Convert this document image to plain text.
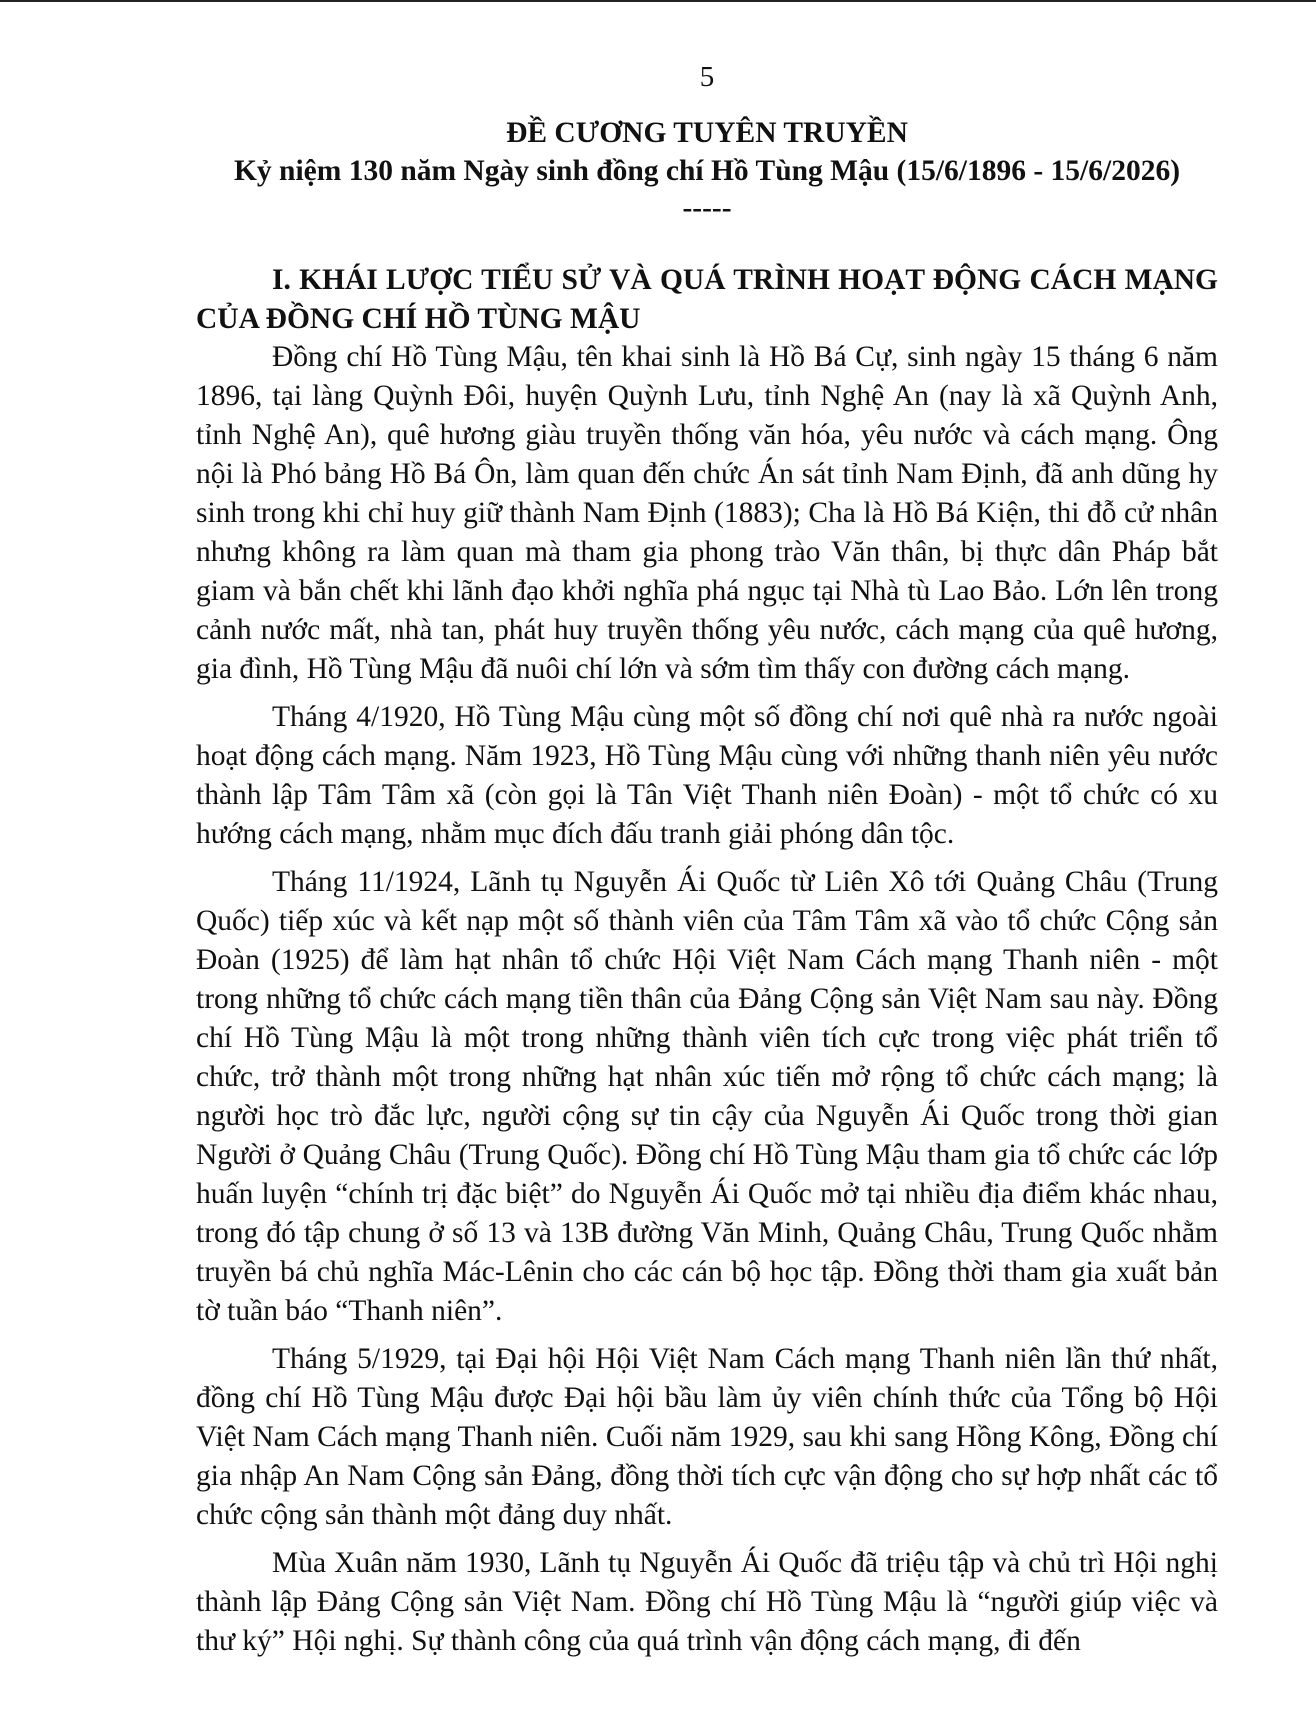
5

ĐỀ CƯƠNG TUYÊN TRUYỀN

Kỷ niệm 130 năm Ngày sinh đồng chí Hồ Tùng Mậu (15/6/1896 - 15/6/2026)

-----

I. KHÁI LƯỢC TIỂU SỬ VÀ QUÁ TRÌNH HOẠT ĐỘNG CÁCH MẠNG CỦA ĐỒNG CHÍ HỒ TÙNG MẬU

Đồng chí Hồ Tùng Mậu, tên khai sinh là Hồ Bá Cự, sinh ngày 15 tháng 6 năm 1896, tại làng Quỳnh Đôi, huyện Quỳnh Lưu, tỉnh Nghệ An (nay là xã Quỳnh Anh, tỉnh Nghệ An), quê hương giàu truyền thống văn hóa, yêu nước và cách mạng. Ông nội là Phó bảng Hồ Bá Ôn, làm quan đến chức Án sát tỉnh Nam Định, đã anh dũng hy sinh trong khi chỉ huy giữ thành Nam Định (1883); Cha là Hồ Bá Kiện, thi đỗ cử nhân nhưng không ra làm quan mà tham gia phong trào Văn thân, bị thực dân Pháp bắt giam và bắn chết khi lãnh đạo khởi nghĩa phá ngục tại Nhà tù Lao Bảo. Lớn lên trong cảnh nước mất, nhà tan, phát huy truyền thống yêu nước, cách mạng của quê hương, gia đình, Hồ Tùng Mậu đã nuôi chí lớn và sớm tìm thấy con đường cách mạng.

Tháng 4/1920, Hồ Tùng Mậu cùng một số đồng chí nơi quê nhà ra nước ngoài hoạt động cách mạng. Năm 1923, Hồ Tùng Mậu cùng với những thanh niên yêu nước thành lập Tâm Tâm xã (còn gọi là Tân Việt Thanh niên Đoàn) - một tổ chức có xu hướng cách mạng, nhằm mục đích đấu tranh giải phóng dân tộc.

Tháng 11/1924, Lãnh tụ Nguyễn Ái Quốc từ Liên Xô tới Quảng Châu (Trung Quốc) tiếp xúc và kết nạp một số thành viên của Tâm Tâm xã vào tổ chức Cộng sản Đoàn (1925) để làm hạt nhân tổ chức Hội Việt Nam Cách mạng Thanh niên - một trong những tổ chức cách mạng tiền thân của Đảng Cộng sản Việt Nam sau này. Đồng chí Hồ Tùng Mậu là một trong những thành viên tích cực trong việc phát triển tổ chức, trở thành một trong những hạt nhân xúc tiến mở rộng tổ chức cách mạng; là người học trò đắc lực, người cộng sự tin cậy của Nguyễn Ái Quốc trong thời gian Người ở Quảng Châu (Trung Quốc). Đồng chí Hồ Tùng Mậu tham gia tổ chức các lớp huấn luyện “chính trị đặc biệt” do Nguyễn Ái Quốc mở tại nhiều địa điểm khác nhau, trong đó tập chung ở số 13 và 13B đường Văn Minh, Quảng Châu, Trung Quốc nhằm truyền bá chủ nghĩa Mác-Lênin cho các cán bộ học tập. Đồng thời tham gia xuất bản tờ tuần báo “Thanh niên”.

Tháng 5/1929, tại Đại hội Hội Việt Nam Cách mạng Thanh niên lần thứ nhất, đồng chí Hồ Tùng Mậu được Đại hội bầu làm ủy viên chính thức của Tổng bộ Hội Việt Nam Cách mạng Thanh niên. Cuối năm 1929, sau khi sang Hồng Kông, Đồng chí gia nhập An Nam Cộng sản Đảng, đồng thời tích cực vận động cho sự hợp nhất các tổ chức cộng sản thành một đảng duy nhất.

Mùa Xuân năm 1930, Lãnh tụ Nguyễn Ái Quốc đã triệu tập và chủ trì Hội nghị thành lập Đảng Cộng sản Việt Nam. Đồng chí Hồ Tùng Mậu là “người giúp việc và thư ký” Hội nghị. Sự thành công của quá trình vận động cách mạng, đi đến
